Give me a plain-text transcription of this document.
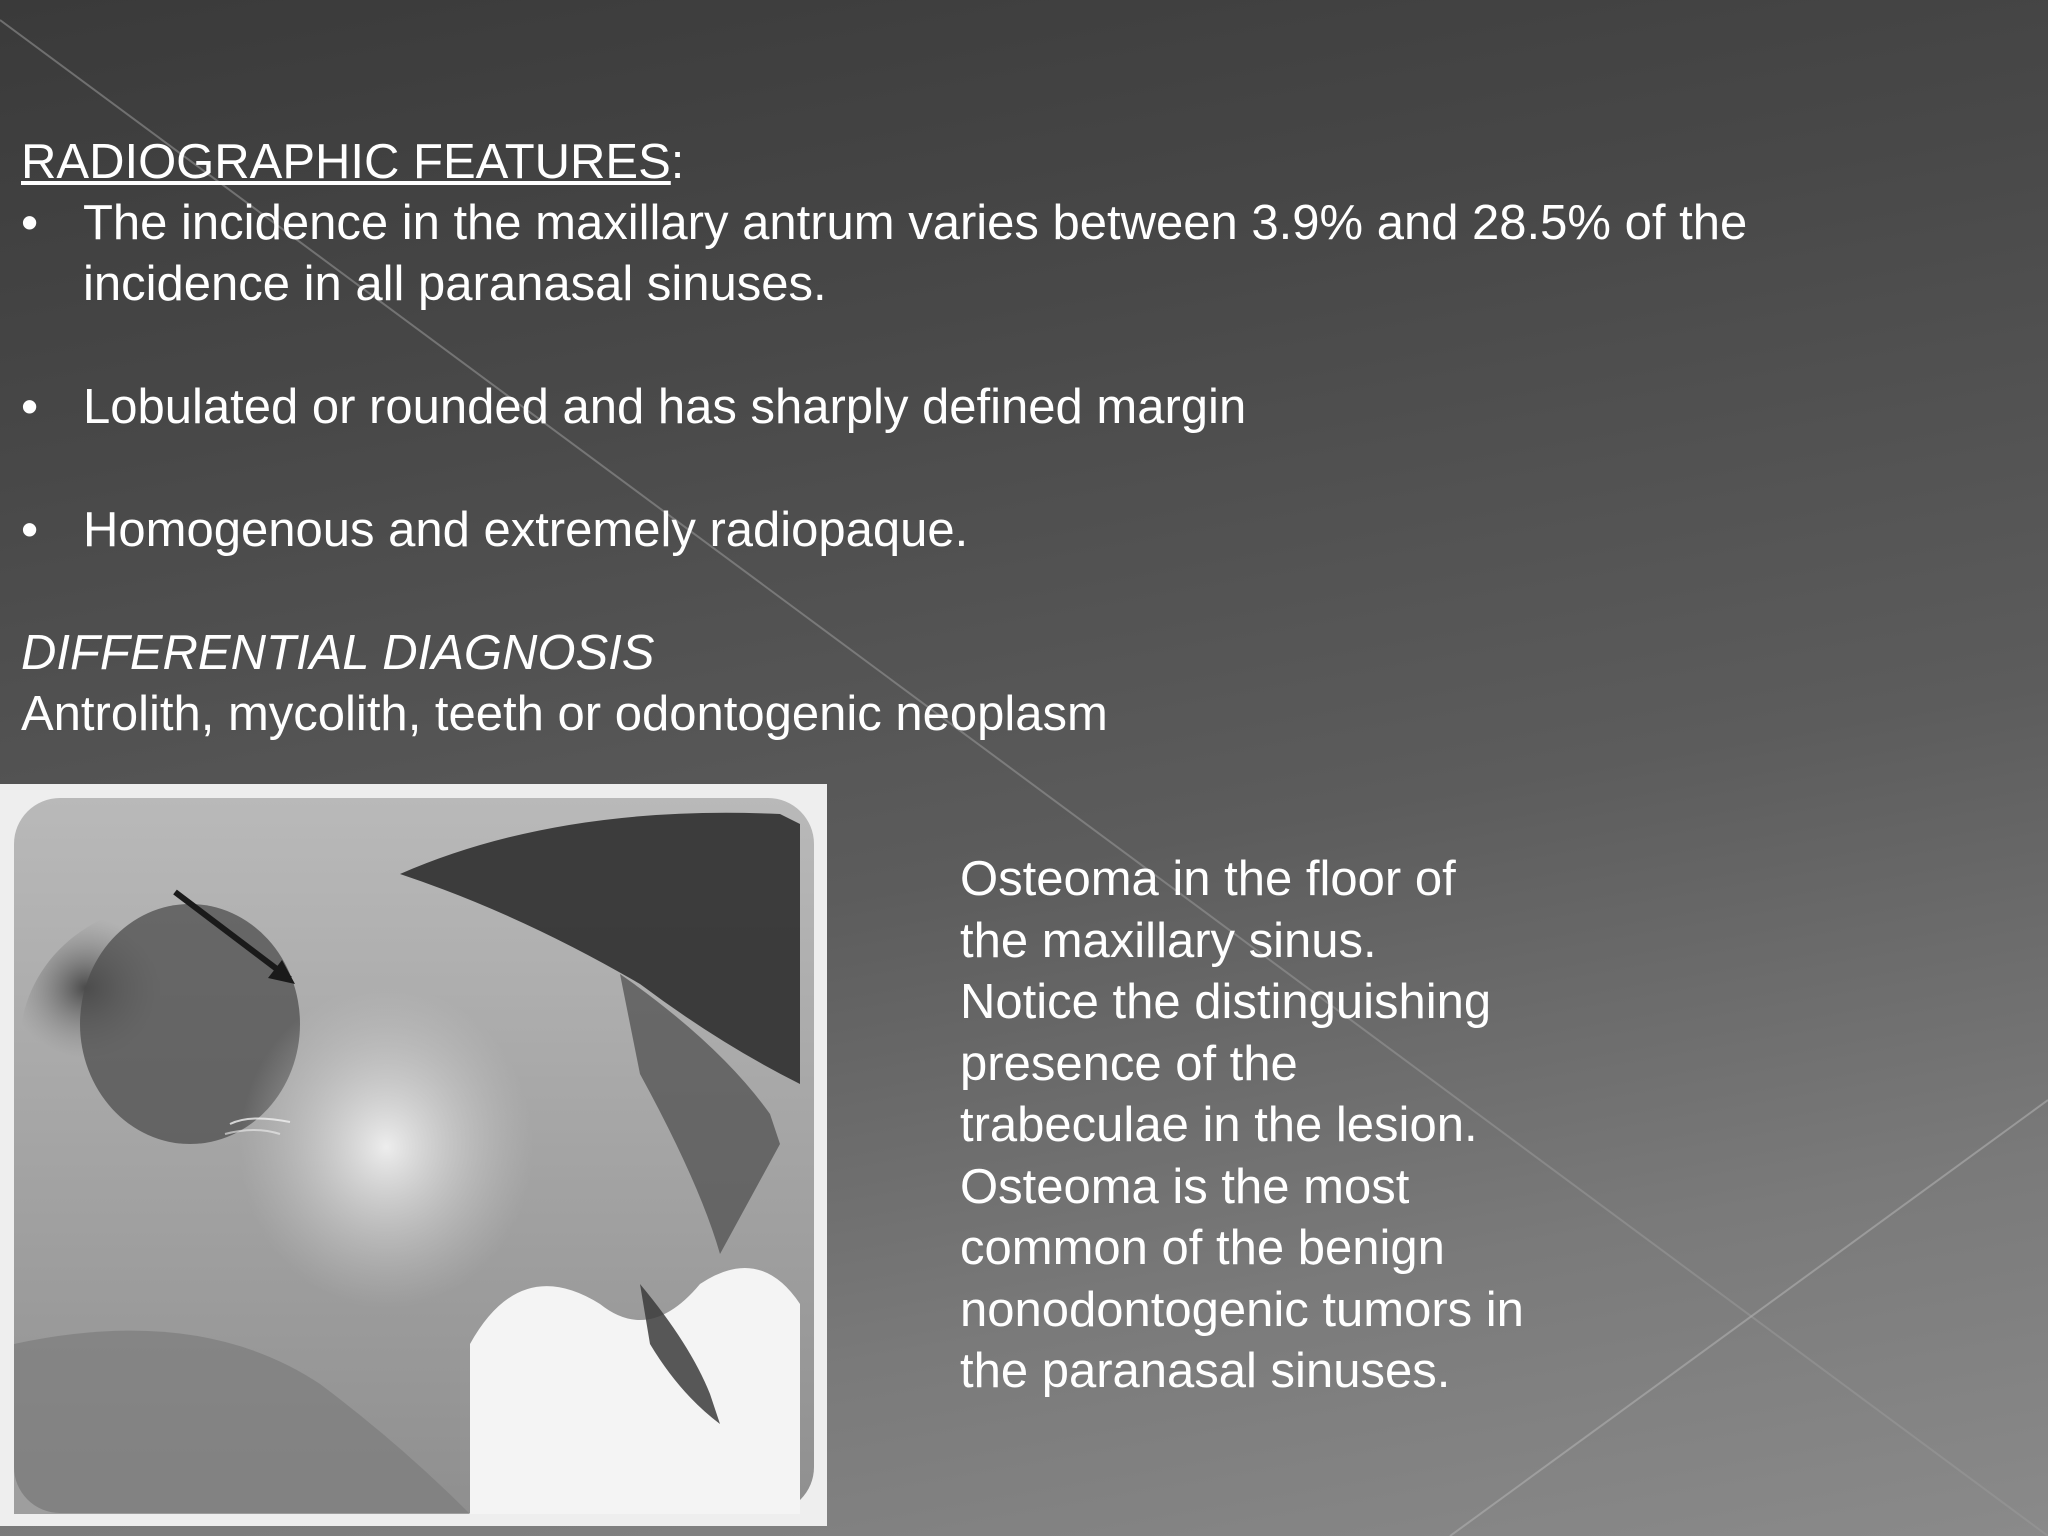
RADIOGRAPHIC FEATURES:

• The incidence in the maxillary antrum varies between 3.9% and 28.5% of the incidence in all paranasal sinuses.
• Lobulated or rounded and has sharply defined margin
• Homogenous and extremely radiopaque.
DIFFERENTIAL DIAGNOSIS
Antrolith, mycolith, teeth or odontogenic neoplasm

Osteoma in the floor of

the maxillary sinus.

Notice the distinguishing

presence of the

trabeculae in the lesion.

Osteoma is the most

common of the benign

nonodontogenic tumors in

the paranasal sinuses.
